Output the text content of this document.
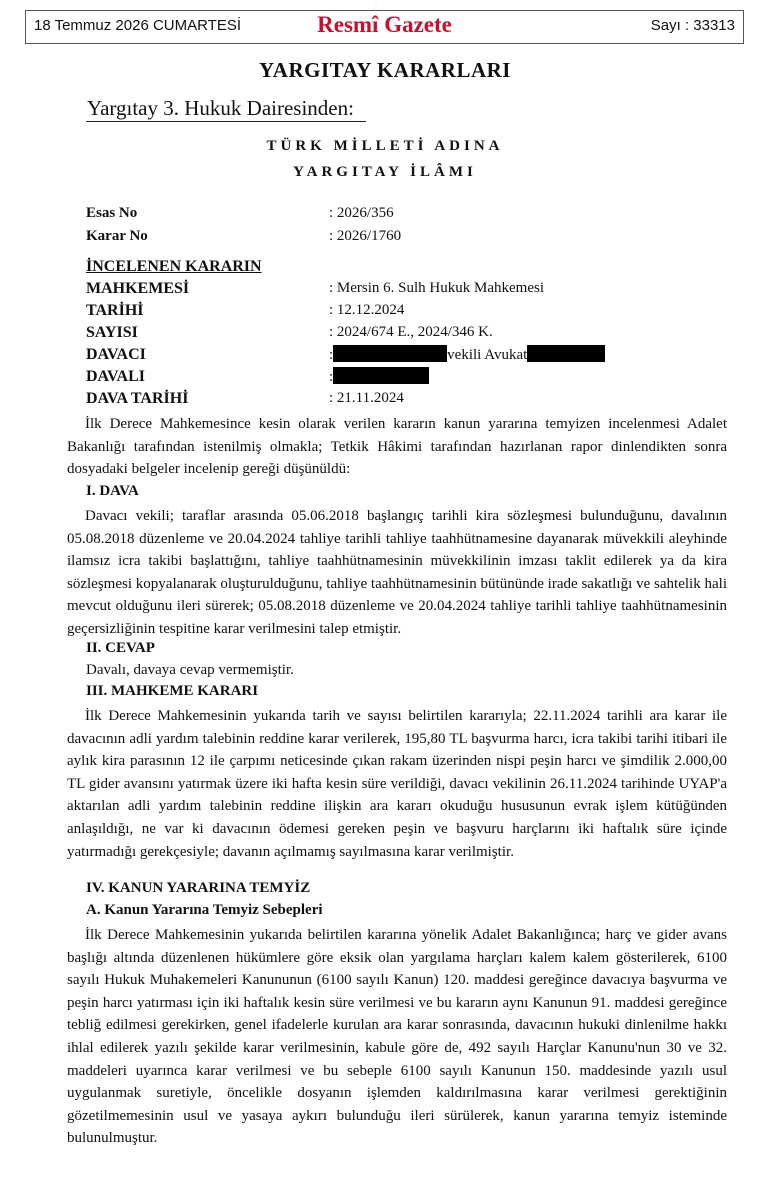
18 Temmuz 2026 CUMARTESİ	Resmî Gazete	Sayı : 33313
YARGITAY KARARLARI
Yargıtay 3. Hukuk Dairesinden:
TÜRK MİLLETİ ADINA
YARGITAY İLÂMI
Esas No	: 2026/356
Karar No	: 2026/1760
İNCELENEN KARARIN
MAHKEMESİ	: Mersin 6. Sulh Hukuk Mahkemesi
TARİHİ	: 12.12.2024
SAYISI	: 2024/674 E., 2024/346 K.
DAVACI	:	vekili Avukat
DAVALI	:
DAVA TARİHİ	: 21.11.2024
İlk Derece Mahkemesince kesin olarak verilen kararın kanun yararına temyizen incelenmesi Adalet Bakanlığı tarafından istenilmiş olmakla; Tetkik Hâkimi tarafından hazırlanan rapor dinlendikten sonra dosyadaki belgeler incelenip gereği düşünüldü:
I. DAVA
Davacı vekili; taraflar arasında 05.06.2018 başlangıç tarihli kira sözleşmesi bulunduğunu, davalının 05.08.2018 düzenleme ve 20.04.2024 tahliye tarihli tahliye taahhütnamesine dayanarak müvekkili aleyhinde ilamsız icra takibi başlattığını, tahliye taahhütnamesinin müvekkilinin imzası taklit edilerek ya da kira sözleşmesi kopyalanarak oluşturulduğunu, tahliye taahhütnamesinin bütününde irade sakatlığı ve sahtelik hali mevcut olduğunu ileri sürerek; 05.08.2018 düzenleme ve 20.04.2024 tahliye tarihli tahliye taahhütnamesinin geçersizliğinin tespitine karar verilmesini talep etmiştir.
II. CEVAP
Davalı, davaya cevap vermemiştir.
III. MAHKEME KARARI
İlk Derece Mahkemesinin yukarıda tarih ve sayısı belirtilen kararıyla; 22.11.2024 tarihli ara karar ile davacının adli yardım talebinin reddine karar verilerek, 195,80 TL başvurma harcı, icra takibi tarihi itibari ile aylık kira parasının 12 ile çarpımı neticesinde çıkan rakam üzerinden nispi peşin harcı ve şimdilik 2.000,00 TL gider avansını yatırmak üzere iki hafta kesin süre verildiği, davacı vekilinin 26.11.2024 tarihinde UYAP'a aktarılan adli yardım talebinin reddine ilişkin ara kararı okuduğu hususunun evrak işlem kütüğünden anlaşıldığı, ne var ki davacının ödemesi gereken peşin ve başvuru harçlarını iki haftalık süre içinde yatırmadığı gerekçesiyle; davanın açılmamış sayılmasına karar verilmiştir.
IV. KANUN YARARINA TEMYİZ
A. Kanun Yararına Temyiz Sebepleri
İlk Derece Mahkemesinin yukarıda belirtilen kararına yönelik Adalet Bakanlığınca; harç ve gider avans başlığı altında düzenlenen hükümlere göre eksik olan yargılama harçları kalem kalem gösterilerek, 6100 sayılı Hukuk Muhakemeleri Kanununun (6100 sayılı Kanun) 120. maddesi gereğince davacıya başvurma ve peşin harcı yatırması için iki haftalık kesin süre verilmesi ve bu kararın aynı Kanunun 91. maddesi gereğince tebliğ edilmesi gerekirken, genel ifadelerle kurulan ara karar sonrasında, davacının hukuki dinlenilme hakkı ihlal edilerek yazılı şekilde karar verilmesinin, kabule göre de, 492 sayılı Harçlar Kanunu'nun 30 ve 32. maddeleri uyarınca karar verilmesi ve bu sebeple 6100 sayılı Kanunun 150. maddesinde yazılı usul uygulanmak suretiyle, öncelikle dosyanın işlemden kaldırılmasına karar verilmesi gerektiğinin gözetilmemesinin usul ve yasaya aykırı bulunduğu ileri sürülerek, kanun yararına temyiz isteminde bulunulmuştur.
